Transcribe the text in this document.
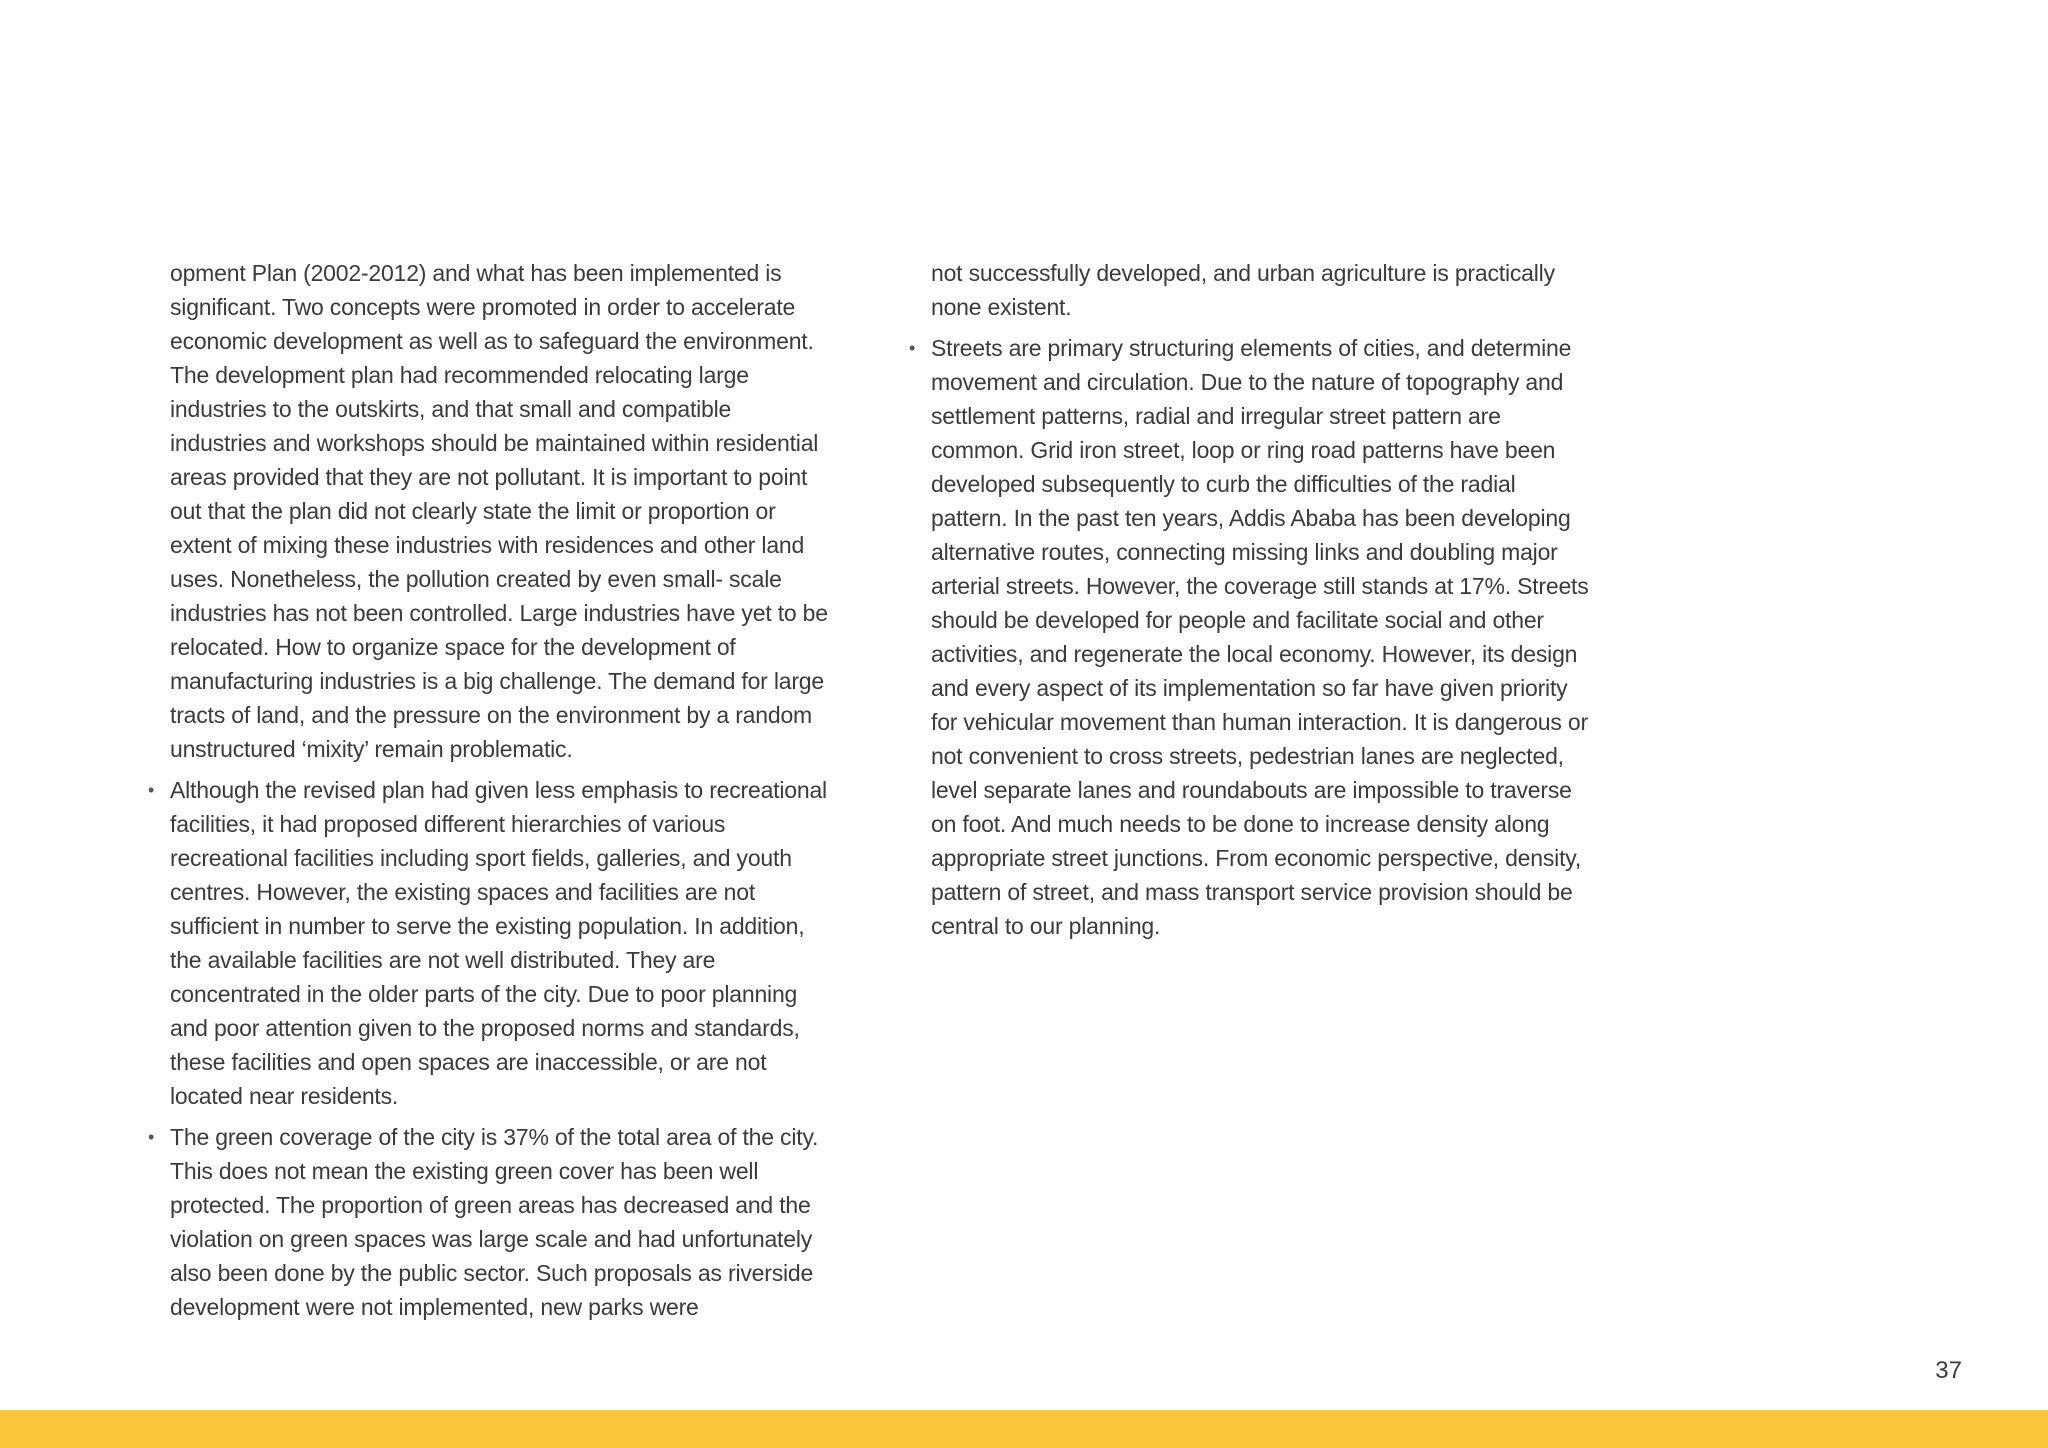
opment Plan (2002-2012) and what has been implemented is significant. Two concepts were promoted in order to accelerate economic development as well as to safeguard the environment. The development plan had recommended relocating large industries to the outskirts, and that small and compatible industries and workshops should be maintained within residential areas provided that they are not pollutant. It is important to point out that the plan did not clearly state the limit or proportion or extent of mixing these industries with residences and other land uses. Nonetheless, the pollution created by even small- scale industries has not been controlled. Large industries have yet to be relocated. How to organize space for the development of manufacturing industries is a big challenge. The demand for large tracts of land, and the pressure on the environment by a random unstructured ‘mixity’ remain problematic.

• Although the revised plan had given less emphasis to recreational facilities, it had proposed different hierarchies of various recreational facilities including sport fields, galleries, and youth centres. However, the existing spaces and facilities are not sufficient in number to serve the existing population. In addition, the available facilities are not well distributed. They are concentrated in the older parts of the city. Due to poor planning and poor attention given to the proposed norms and standards, these facilities and open spaces are inaccessible, or are not located near residents.

• The green coverage of the city is 37% of the total area of the city. This does not mean the existing green cover has been well protected. The proportion of green areas has decreased and the violation on green spaces was large scale and had unfortunately also been done by the public sector. Such proposals as riverside development were not implemented, new parks were

not successfully developed, and urban agriculture is practically none existent.

• Streets are primary structuring elements of cities, and determine movement and circulation. Due to the nature of topography and settlement patterns, radial and irregular street pattern are common. Grid iron street, loop or ring road patterns have been developed subsequently to curb the difficulties of the radial pattern. In the past ten years, Addis Ababa has been developing alternative routes, connecting missing links and doubling major arterial streets. However, the coverage still stands at 17%. Streets should be developed for people and facilitate social and other activities, and regenerate the local economy. However, its design and every aspect of its implementation so far have given priority for vehicular movement than human interaction. It is dangerous or not convenient to cross streets, pedestrian lanes are neglected, level separate lanes and roundabouts are impossible to traverse on foot. And much needs to be done to increase density along appropriate street junctions. From economic perspective, density, pattern of street, and mass transport service provision should be central to our planning.

37
